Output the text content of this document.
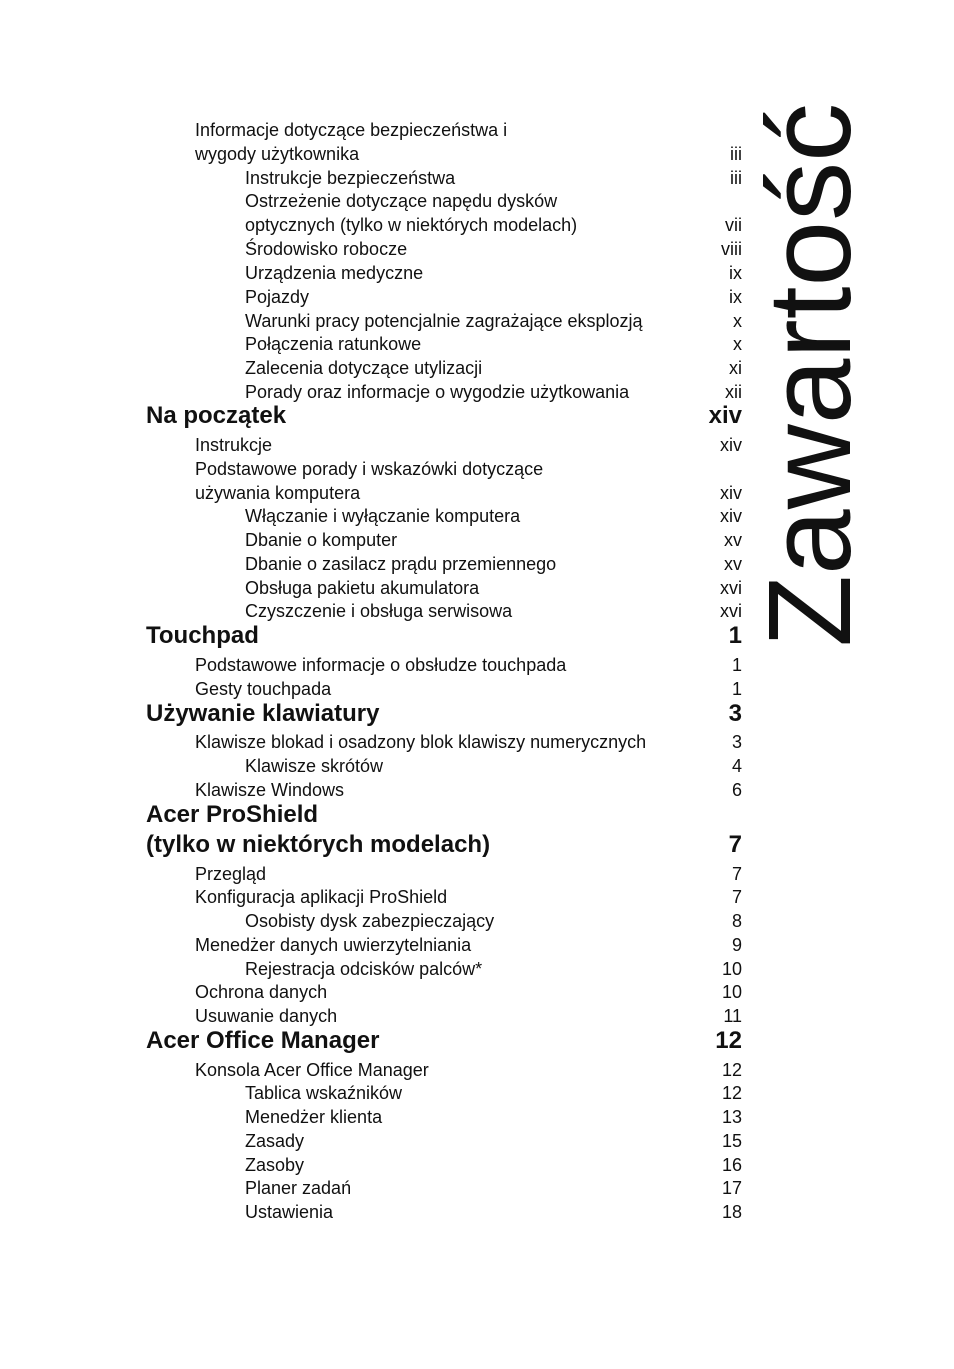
Zawartość
Informacje dotyczące bezpieczeństwa i
wygody użytkownika	iii
Instrukcje bezpieczeństwa	iii
Ostrzeżenie dotyczące napędu dysków
optycznych (tylko w niektórych modelach)	vii
Środowisko robocze	viii
Urządzenia medyczne	ix
Pojazdy	ix
Warunki pracy potencjalnie zagrażające eksplozją	x
Połączenia ratunkowe	x
Zalecenia dotyczące utylizacji	xi
Porady oraz informacje o wygodzie użytkowania	xii
Na początek	xiv
Instrukcje	xiv
Podstawowe porady i wskazówki dotyczące
używania komputera	xiv
Włączanie i wyłączanie komputera	xiv
Dbanie o komputer	xv
Dbanie o zasilacz prądu przemiennego	xv
Obsługa pakietu akumulatora	xvi
Czyszczenie i obsługa serwisowa	xvi
Touchpad	1
Podstawowe informacje o obsłudze touchpada	1
Gesty touchpada	1
Używanie klawiatury	3
Klawisze blokad i osadzony blok klawiszy numerycznych	3
Klawisze skrótów	4
Klawisze Windows	6
Acer ProShield
(tylko w niektórych modelach)	7
Przegląd	7
Konfiguracja aplikacji ProShield	7
Osobisty dysk zabezpieczający	8
Menedżer danych uwierzytelniania	9
Rejestracja odcisków palców*	10
Ochrona danych	10
Usuwanie danych	11
Acer Office Manager	12
Konsola Acer Office Manager	12
Tablica wskaźników	12
Menedżer klienta	13
Zasady	15
Zasoby	16
Planer zadań	17
Ustawienia	18
